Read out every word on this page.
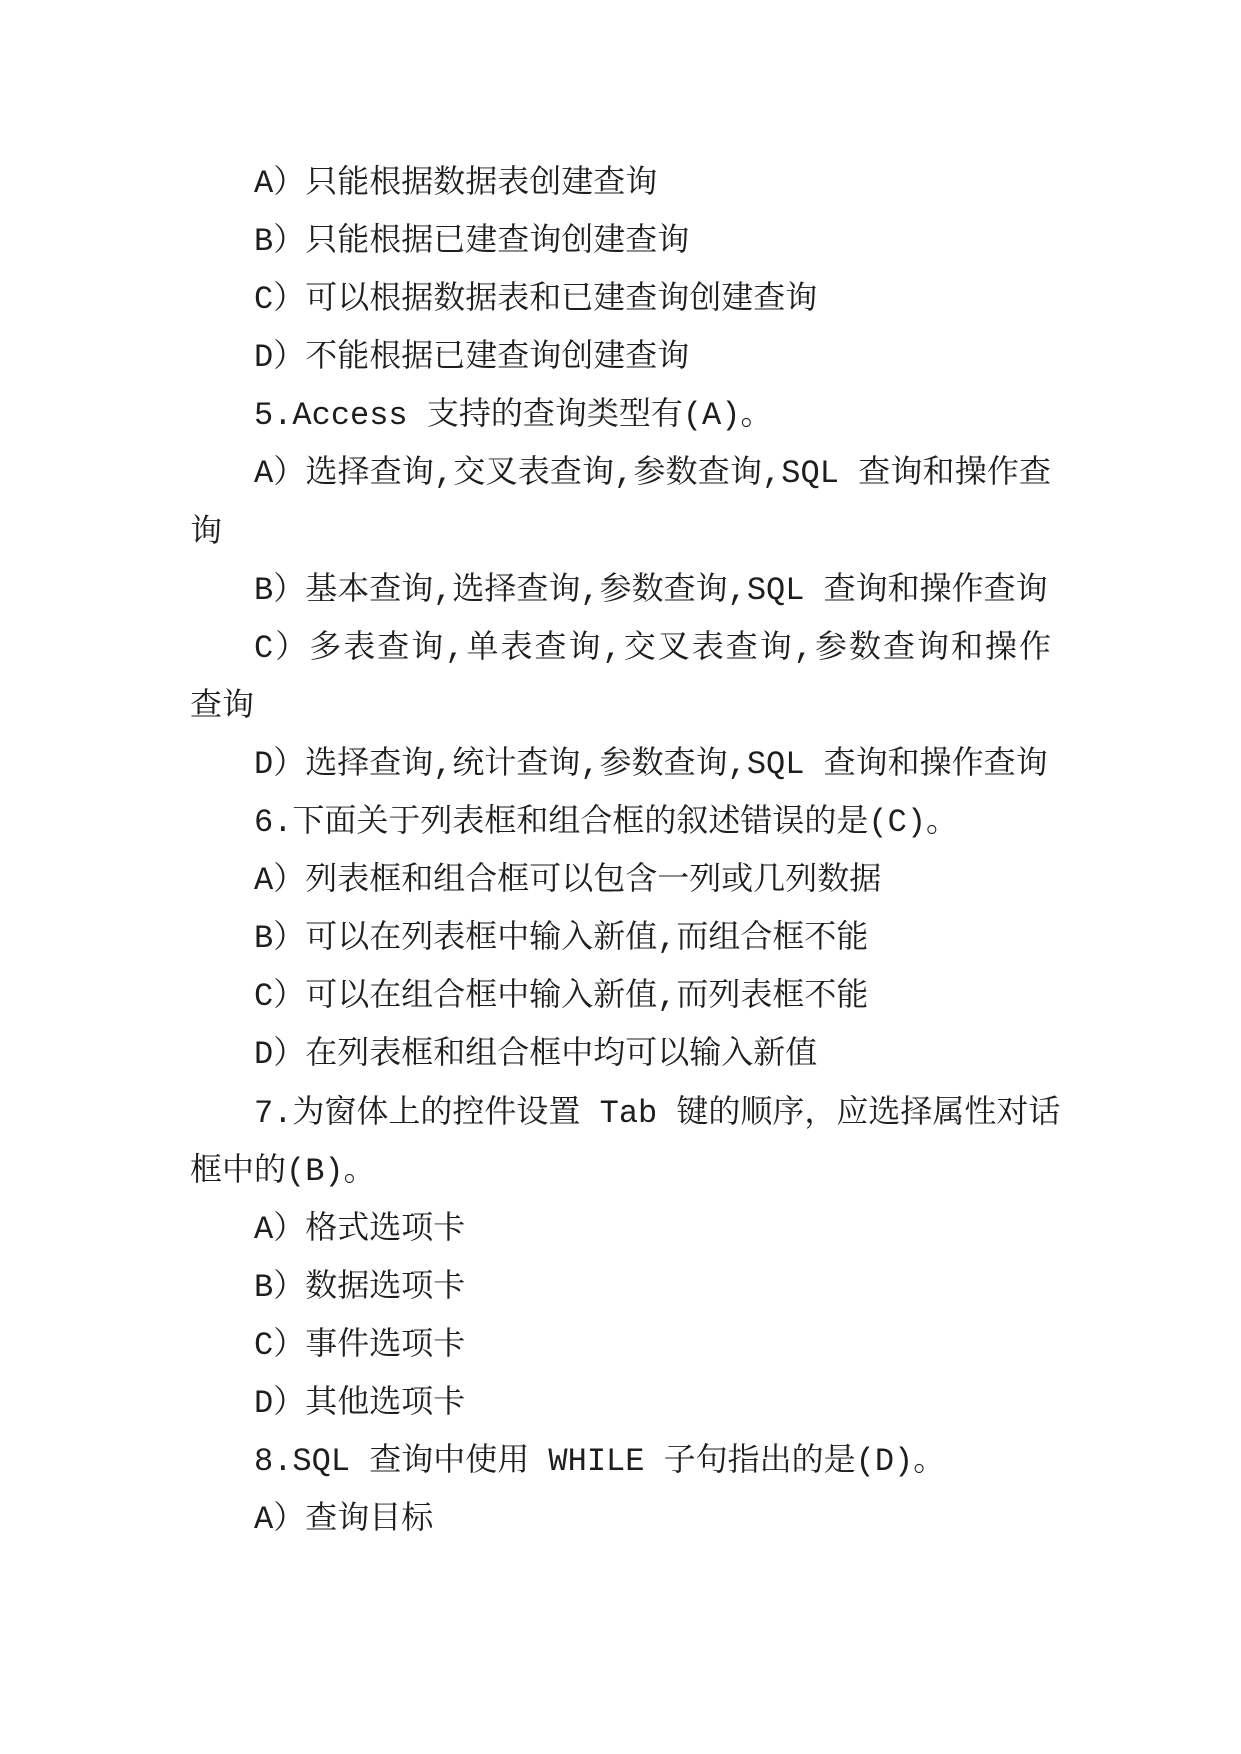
A）只能根据数据表创建查询
B）只能根据已建查询创建查询
C）可以根据数据表和已建查询创建查询
D）不能根据已建查询创建查询
5.Access 支持的查询类型有(A)。
A）选择查询,交叉表查询,参数查询,SQL 查询和操作查
询
B）基本查询,选择查询,参数查询,SQL 查询和操作查询
C）多表查询,单表查询,交叉表查询,参数查询和操作
查询
D）选择查询,统计查询,参数查询,SQL 查询和操作查询
6.下面关于列表框和组合框的叙述错误的是(C)。
A）列表框和组合框可以包含一列或几列数据
B）可以在列表框中输入新值,而组合框不能
C）可以在组合框中输入新值,而列表框不能
D）在列表框和组合框中均可以输入新值
7.为窗体上的控件设置 Tab 键的顺序，应选择属性对话
框中的(B)。
A）格式选项卡
B）数据选项卡
C）事件选项卡
D）其他选项卡
8.SQL 查询中使用 WHILE 子句指出的是(D)。
A）查询目标
